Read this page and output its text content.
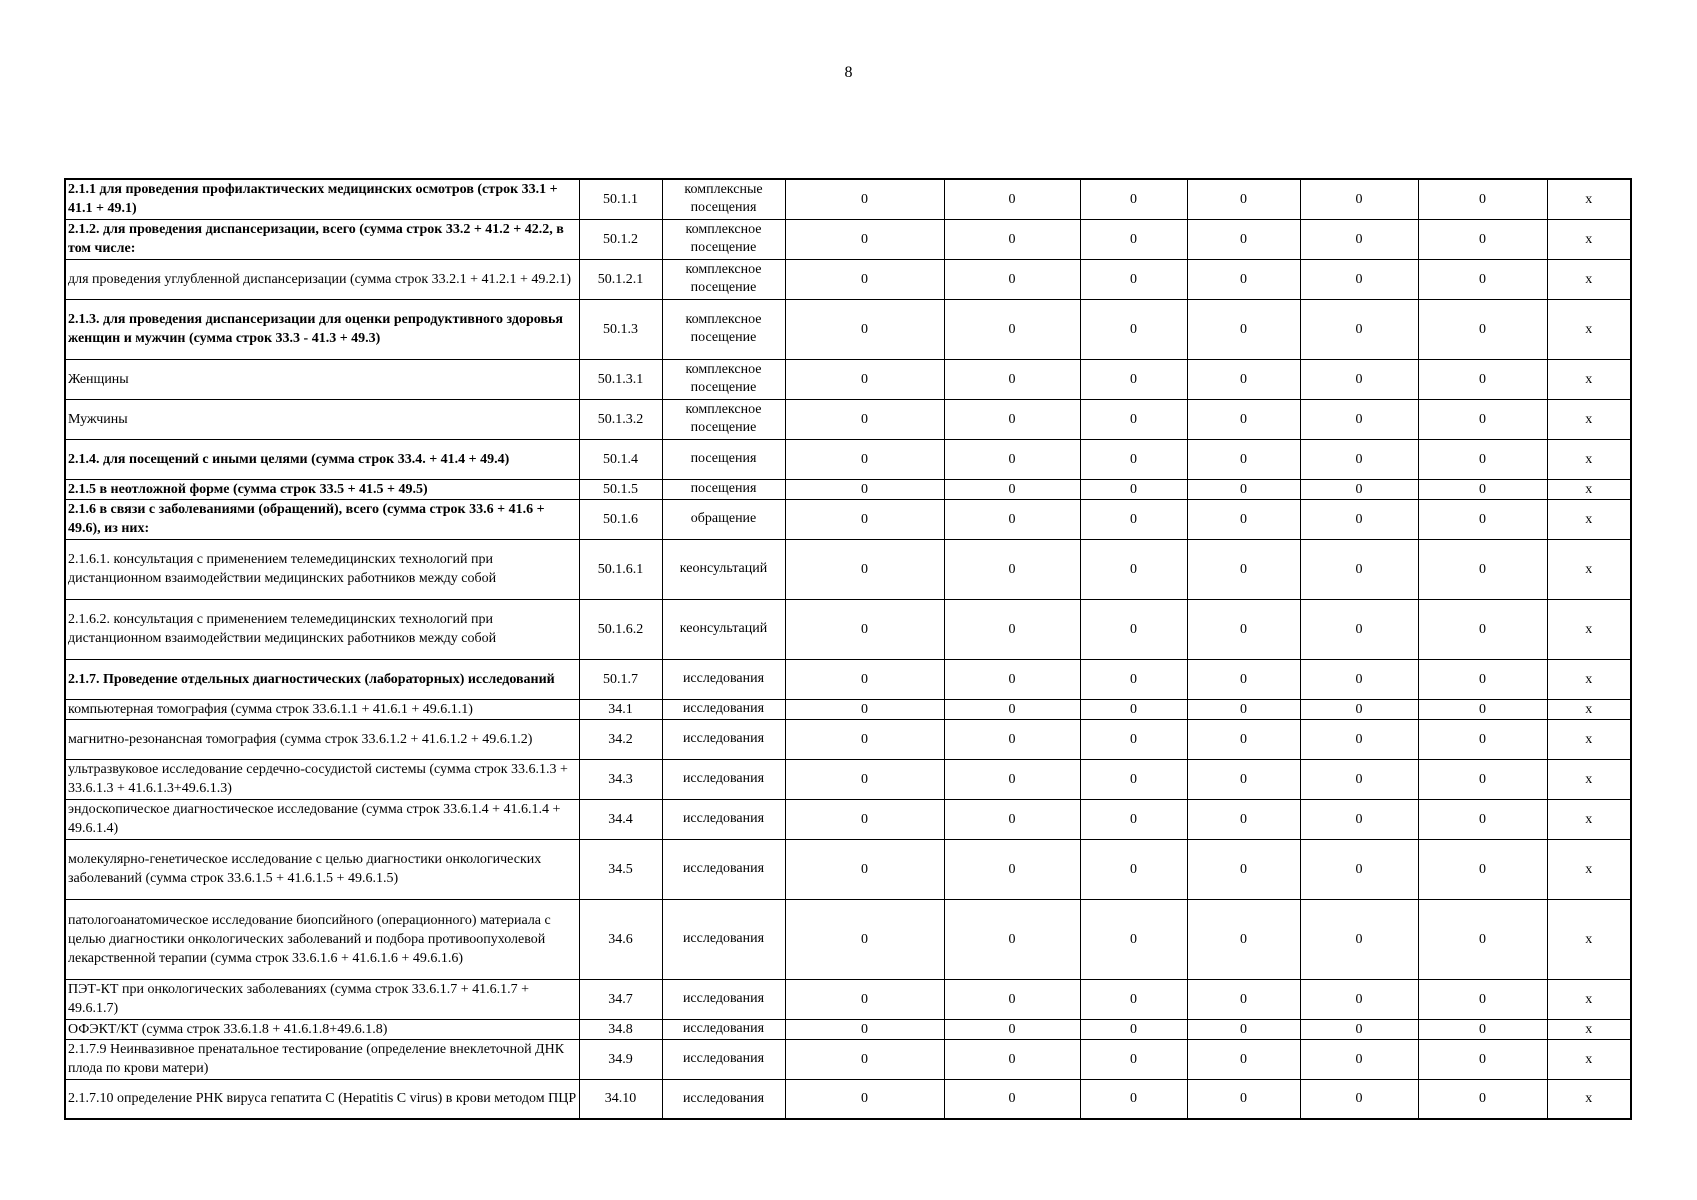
8
2.1.1 для проведения профилактических медицинских осмотров (строк 33.1 + 41.1 + 49.1)	50.1.1	комплексные посещения	0	0	0	0	0	0	x
2.1.2. для проведения диспансеризации, всего (сумма строк 33.2 + 41.2 + 42.2, в том числе:	50.1.2	комплексное посещение	0	0	0	0	0	0	x
для проведения углубленной диспансеризации (сумма строк 33.2.1 + 41.2.1 + 49.2.1)	50.1.2.1	комплексное посещение	0	0	0	0	0	0	x
2.1.3. для проведения диспансеризации для оценки репродуктивного здоровья женщин и мужчин (сумма строк 33.3 - 41.3 + 49.3)	50.1.3	комплексное посещение	0	0	0	0	0	0	x
Женщины	50.1.3.1	комплексное посещение	0	0	0	0	0	0	x
Мужчины	50.1.3.2	комплексное посещение	0	0	0	0	0	0	x
2.1.4. для посещений с иными целями (сумма строк 33.4. + 41.4 + 49.4)	50.1.4	посещения	0	0	0	0	0	0	x
2.1.5 в неотложной форме (сумма строк 33.5 + 41.5 + 49.5)	50.1.5	посещения	0	0	0	0	0	0	x
2.1.6 в связи с заболеваниями (обращений), всего (сумма строк 33.6 + 41.6 + 49.6), из них:	50.1.6	обращение	0	0	0	0	0	0	x
2.1.6.1. консультация с применением телемедицинских технологий при дистанционном взаимодействии медицинских работников между собой	50.1.6.1	кеонсультаций	0	0	0	0	0	0	x
2.1.6.2. консультация с применением телемедицинских технологий при дистанционном взаимодействии медицинских работников между собой	50.1.6.2	кеонсультаций	0	0	0	0	0	0	x
2.1.7. Проведение отдельных диагностических (лабораторных) исследований	50.1.7	исследования	0	0	0	0	0	0	x
компьютерная томография (сумма строк 33.6.1.1 + 41.6.1 + 49.6.1.1)	34.1	исследования	0	0	0	0	0	0	x
магнитно-резонансная томография (сумма строк 33.6.1.2 + 41.6.1.2 + 49.6.1.2)	34.2	исследования	0	0	0	0	0	0	x
ультразвуковое исследование сердечно-сосудистой системы (сумма строк 33.6.1.3 + 33.6.1.3 + 41.6.1.3+49.6.1.3)	34.3	исследования	0	0	0	0	0	0	x
эндоскопическое диагностическое исследование (сумма строк 33.6.1.4 + 41.6.1.4 + 49.6.1.4)	34.4	исследования	0	0	0	0	0	0	x
молекулярно-генетическое исследование с целью диагностики онкологических заболеваний (сумма строк 33.6.1.5 + 41.6.1.5 + 49.6.1.5)	34.5	исследования	0	0	0	0	0	0	x
патологоанатомическое исследование биопсийного (операционного) материала с целью диагностики онкологических заболеваний и подбора противоопухолевой лекарственной терапии (сумма строк 33.6.1.6 + 41.6.1.6 + 49.6.1.6)	34.6	исследования	0	0	0	0	0	0	x
ПЭТ-КТ при онкологических заболеваниях (сумма строк 33.6.1.7 + 41.6.1.7 + 49.6.1.7)	34.7	исследования	0	0	0	0	0	0	x
ОФЭКТ/КТ (сумма строк 33.6.1.8 + 41.6.1.8+49.6.1.8)	34.8	исследования	0	0	0	0	0	0	x
2.1.7.9 Неинвазивное пренатальное тестирование (определение внеклеточной ДНК плода по крови матери)	34.9	исследования	0	0	0	0	0	0	x
2.1.7.10 определение РНК вируса гепатита С (Hepatitis C virus) в крови методом ПЦР	34.10	исследования	0	0	0	0	0	0	x
